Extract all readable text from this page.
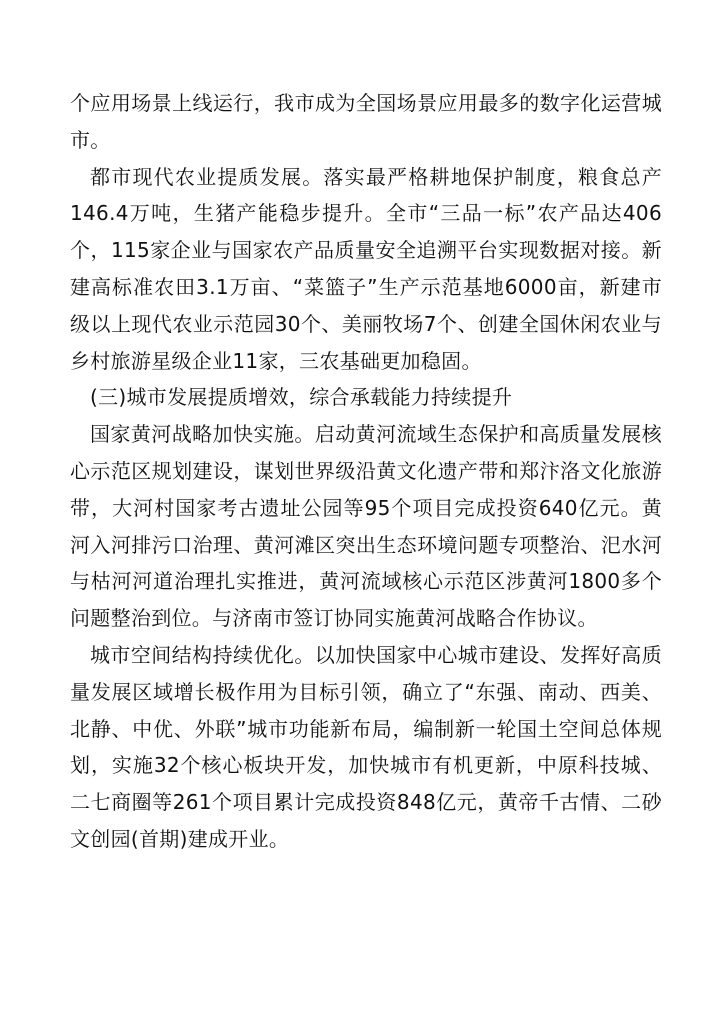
个应用场景上线运行，我市成为全国场景应用最多的数字化运营城市。

都市现代农业提质发展。落实最严格耕地保护制度，粮食总产146.4万吨，生猪产能稳步提升。全市“三品一标”农产品达406个，115家企业与国家农产品质量安全追溯平台实现数据对接。新建高标准农田3.1万亩、“菜篮子”生产示范基地6000亩，新建市级以上现代农业示范园30个、美丽牧场7个、创建全国休闲农业与乡村旅游星级企业11家，三农基础更加稳固。

(三)城市发展提质增效，综合承载能力持续提升

国家黄河战略加快实施。启动黄河流域生态保护和高质量发展核心示范区规划建设，谋划世界级沿黄文化遗产带和郑汴洛文化旅游带，大河村国家考古遗址公园等95个项目完成投资640亿元。黄河入河排污口治理、黄河滩区突出生态环境问题专项整治、汜水河与枯河河道治理扎实推进，黄河流域核心示范区涉黄河1800多个问题整治到位。与济南市签订协同实施黄河战略合作协议。

城市空间结构持续优化。以加快国家中心城市建设、发挥好高质量发展区域增长极作用为目标引领，确立了“东强、南动、西美、北静、中优、外联”城市功能新布局，编制新一轮国土空间总体规划，实施32个核心板块开发，加快城市有机更新，中原科技城、二七商圈等261个项目累计完成投资848亿元，黄帝千古情、二砂文创园(首期)建成开业。
